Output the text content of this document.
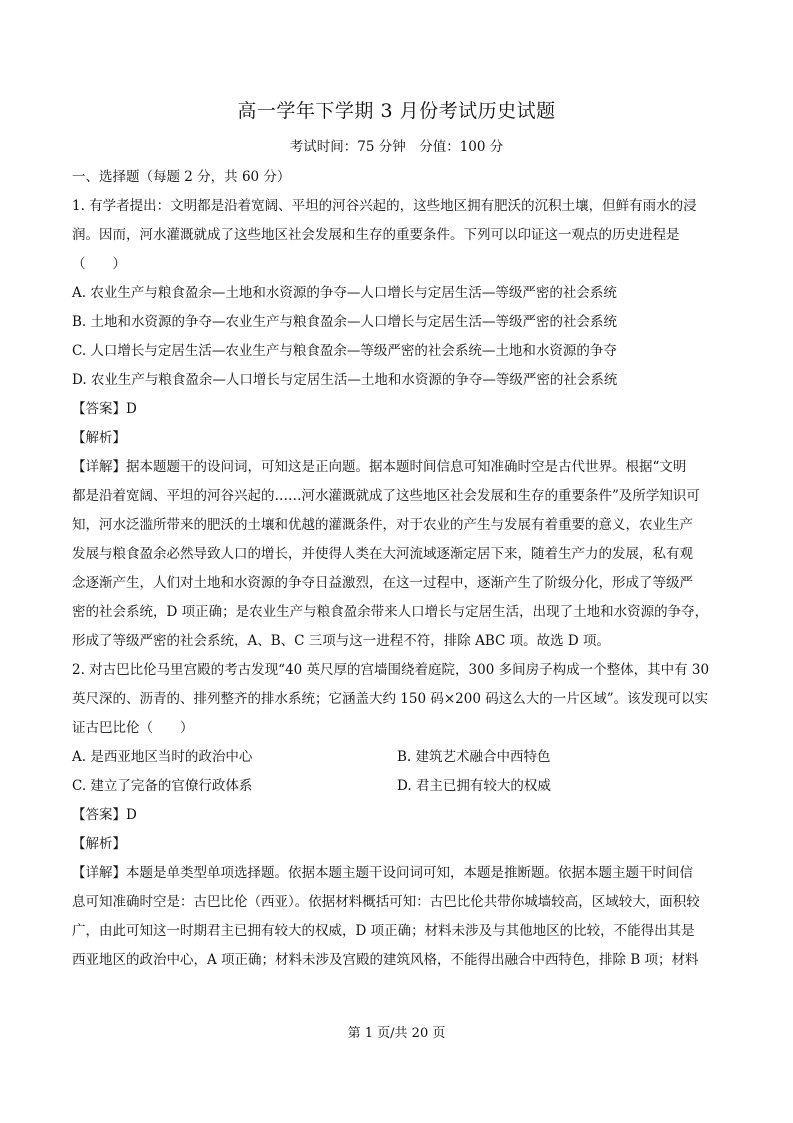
高一学年下学期 3 月份考试历史试题
考试时间：75 分钟　分值：100 分

一、选择题（每题 2 分，共 60 分）

1. 有学者提出：文明都是沿着宽阔、平坦的河谷兴起的，这些地区拥有肥沃的沉积土壤，但鲜有雨水的浸

润。因而，河水灌溉就成了这些地区社会发展和生存的重要条件。下列可以印证这一观点的历史进程是（　　）

A. 农业生产与粮食盈余—土地和水资源的争夺—人口增长与定居生活—等级严密的社会系统

B. 土地和水资源的争夺—农业生产与粮食盈余—人口增长与定居生活—等级严密的社会系统

C. 人口增长与定居生活—农业生产与粮食盈余—等级严密的社会系统—土地和水资源的争夺

D. 农业生产与粮食盈余—人口增长与定居生活—土地和水资源的争夺—等级严密的社会系统

【答案】D

【解析】

【详解】据本题题干的设问词，可知这是正向题。据本题时间信息可知准确时空是古代世界。根据“文明

都是沿着宽阔、平坦的河谷兴起的……河水灌溉就成了这些地区社会发展和生存的重要条件”及所学知识可

知，河水泛滥所带来的肥沃的土壤和优越的灌溉条件，对于农业的产生与发展有着重要的意义，农业生产

发展与粮食盈余必然导致人口的增长，并使得人类在大河流域逐渐定居下来，随着生产力的发展，私有观

念逐渐产生，人们对土地和水资源的争夺日益激烈，在这一过程中，逐渐产生了阶级分化，形成了等级严

密的社会系统，D 项正确；是农业生产与粮食盈余带来人口增长与定居生活，出现了土地和水资源的争夺，

形成了等级严密的社会系统，A、B、C 三项与这一进程不符，排除 ABC 项。故选 D 项。

2. 对古巴比伦马里宫殿的考古发现“40 英尺厚的宫墙围绕着庭院，300 多间房子构成一个整体，其中有 30

英尺深的、沥青的、排列整齐的排水系统；它涵盖大约 150 码×200 码这么大的一片区域”。该发现可以实

证古巴比伦（　　）

A. 是西亚地区当时的政治中心	B. 建筑艺术融合中西特色
C. 建立了完备的官僚行政体系	D. 君主已拥有较大的权威

【答案】D

【解析】

【详解】本题是单类型单项选择题。依据本题主题干设问词可知，本题是推断题。依据本题主题干时间信

息可知准确时空是：古巴比伦（西亚）。依据材料概括可知：古巴比伦共带你城墙较高，区域较大，面积较

广，由此可知这一时期君主已拥有较大的权威，D 项正确；材料未涉及与其他地区的比较，不能得出其是

西亚地区的政治中心，A 项正确；材料未涉及宫殿的建筑风格，不能得出融合中西特色，排除 B 项；材料

第 1 页/共 20 页
